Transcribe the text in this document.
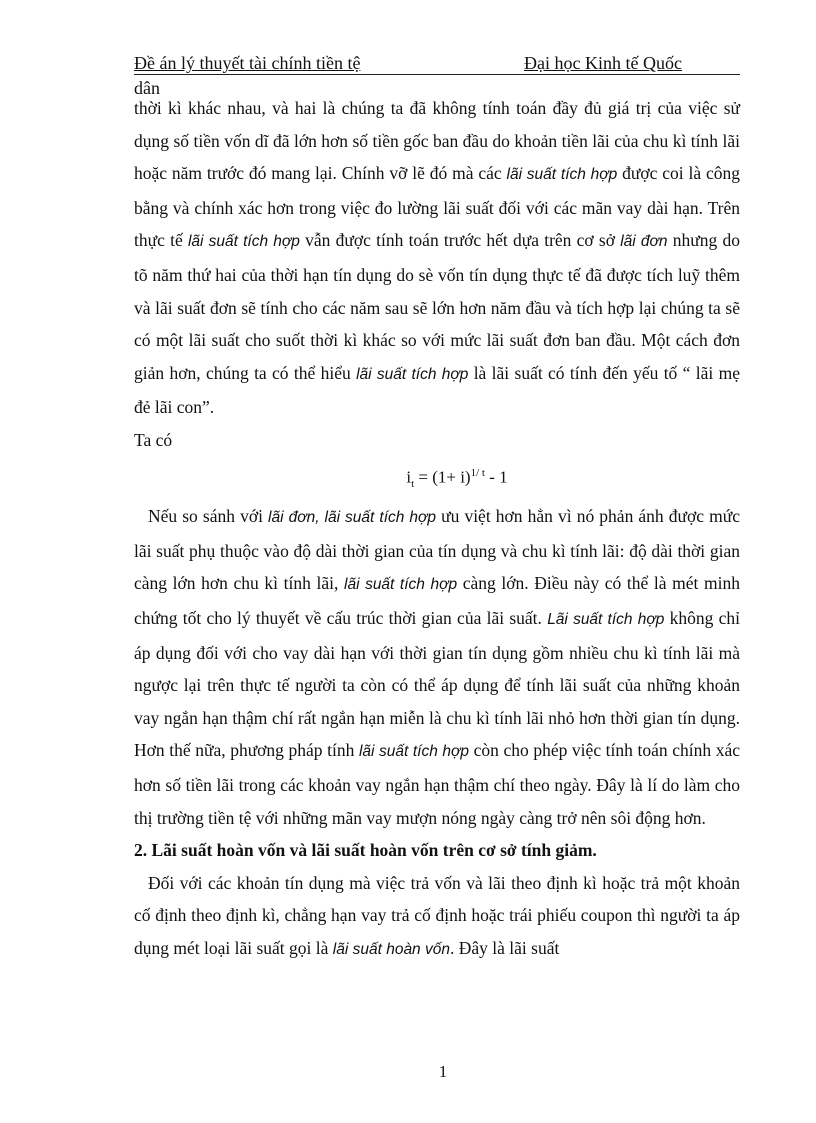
Đề án lý thuyết tài chính tiền tệ	Đại học Kinh tế Quốc
dân

thời kì khác nhau, và hai là chúng ta đã không tính toán đầy đủ giá trị của việc sử dụng số tiền vốn dĩ đã lớn hơn số tiền gốc ban đầu do khoản tiền lãi của chu kì tính lãi hoặc năm trước đó mang lại. Chính vỡ lẽ đó mà các lãi suất tích hợp được coi là công bằng và chính xác hơn trong việc đo lường lãi suất đối với các mãn vay dài hạn. Trên thực tế lãi suất tích hợp vẫn được tính toán trước hết dựa trên cơ sở lãi đơn nhưng do tõ năm thứ hai của thời hạn tín dụng do sè vốn tín dụng thực tế đã được tích luỹ thêm và lãi suất đơn sẽ tính cho các năm sau sẽ lớn hơn năm đầu và tích hợp lại chúng ta sẽ có một lãi suất cho suốt thời kì khác so với mức lãi suất đơn ban đầu. Một cách đơn giản hơn, chúng ta có thể hiểu lãi suất tích hợp là lãi suất có tính đến yếu tố “ lãi mẹ đẻ lãi con”.

Ta có

$i_t = (1+ i)^{1/ t} - 1$

Nếu so sánh với lãi đơn, lãi suất tích hợp ưu việt hơn hẳn vì nó phản ánh được mức lãi suất phụ thuộc vào độ dài thời gian của tín dụng và chu kì tính lãi: độ dài thời gian càng lớn hơn chu kì tính lãi, lãi suất tích hợp càng lớn. Điều này có thể là mét minh chứng tốt cho lý thuyết về cấu trúc thời gian của lãi suất. Lãi suất tích hợp không chỉ áp dụng đối với cho vay dài hạn với thời gian tín dụng gồm nhiều chu kì tính lãi mà ngược lại trên thực tế người ta còn có thể áp dụng để tính lãi suất của những khoản vay ngắn hạn thậm chí rất ngắn hạn miễn là chu kì tính lãi nhỏ hơn thời gian tín dụng. Hơn thế nữa, phương pháp tính lãi suất tích hợp còn cho phép việc tính toán chính xác hơn số tiền lãi trong các khoản vay ngắn hạn thậm chí theo ngày. Đây là lí do làm cho thị trường tiền tệ với những mãn vay mượn nóng ngày càng trở nên sôi động hơn.

2. Lãi suất hoàn vốn và lãi suất hoàn vốn trên cơ sở tính giảm.

Đối với các khoản tín dụng mà việc trả vốn và lãi theo định kì hoặc trả một khoản cố định theo định kì, chẳng hạn vay trả cố định hoặc trái phiếu coupon thì người ta áp dụng mét loại lãi suất gọi là lãi suất hoàn vốn. Đây là lãi suất

1
